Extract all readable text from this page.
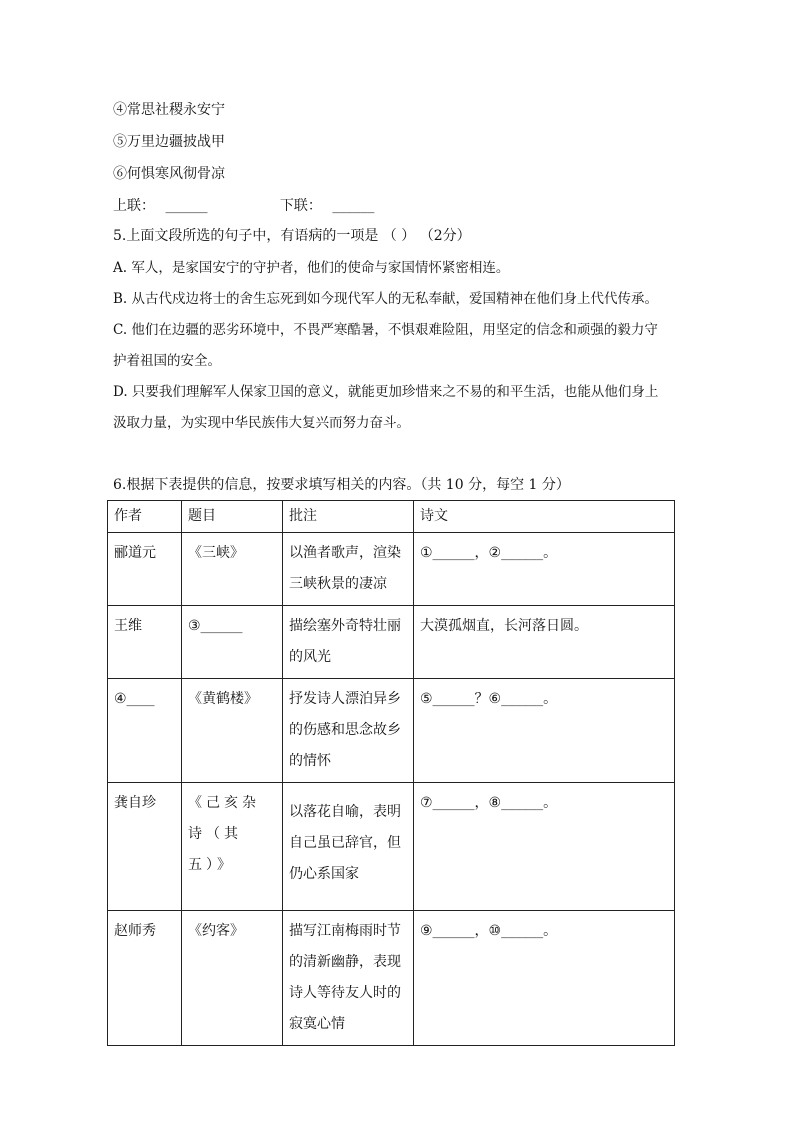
④常思社稷永安宁
⑤万里边疆披战甲
⑥何惧寒风彻骨凉
上联： ______	下联： ______
5.上面文段所选的句子中，有语病的一项是 （ ） （2分）
A. 军人，是家国安宁的守护者，他们的使命与家国情怀紧密相连。
B. 从古代戍边将士的舍生忘死到如今现代军人的无私奉献，爱国精神在他们身上代代传承。
C. 他们在边疆的恶劣环境中，不畏严寒酷暑，不惧艰难险阻，用坚定的信念和顽强的毅力守
护着祖国的安全。
D. 只要我们理解军人保家卫国的意义，就能更加珍惜来之不易的和平生活，也能从他们身上
汲取力量，为实现中华民族伟大复兴而努力奋斗。
6.根据下表提供的信息，按要求填写相关的内容。（共 10 分，每空 1 分）
作者	题目	批注	诗文
郦道元	《三峡》	以渔者歌声，渲染三峡秋景的凄凉	①______，②______。
王维	③______	描绘塞外奇特壮丽的风光	大漠孤烟直，长河落日圆。
④____	《黄鹤楼》	抒发诗人漂泊异乡的伤感和思念故乡的情怀	⑤______？⑥______。
龚自珍	《己亥杂诗（其五）》	以落花自喻，表明自己虽已辞官，但仍心系国家	⑦______，⑧______。
赵师秀	《约客》	描写江南梅雨时节的清新幽静，表现诗人等待友人时的寂寞心情	⑨______，⑩______。
